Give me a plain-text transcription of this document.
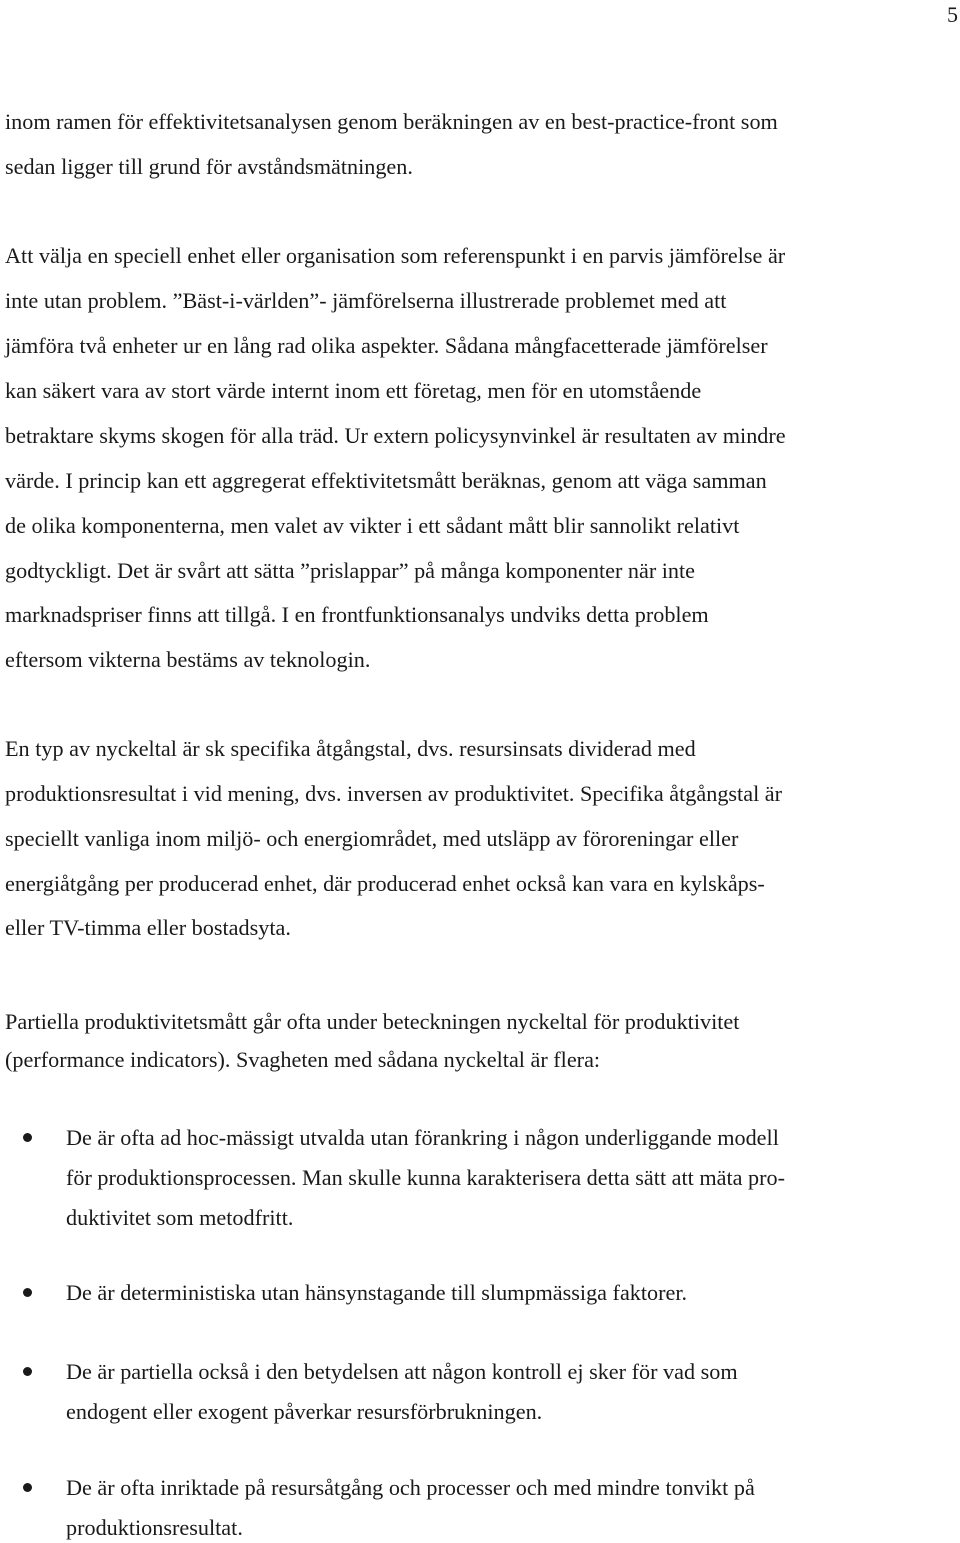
5
inom ramen för effektivitetsanalysen genom beräkningen av en best-practice-front som
sedan ligger till grund för avståndsmätningen.
Att välja en speciell enhet eller organisation som referenspunkt i en parvis jämförelse är
inte utan problem. ”Bäst-i-världen”- jämförelserna illustrerade problemet med att
jämföra två enheter ur en lång rad olika aspekter. Sådana mångfacetterade jämförelser
kan säkert vara av stort värde internt inom ett företag, men för en utomstående
betraktare skyms skogen för alla träd. Ur extern policysynvinkel är resultaten av mindre
värde. I princip kan ett aggregerat effektivitetsmått beräknas, genom att väga samman
de olika komponenterna, men valet av vikter i ett sådant mått blir sannolikt relativt
godtyckligt. Det är svårt att sätta ”prislappar” på många komponenter när inte
marknadspriser finns att tillgå. I en frontfunktionsanalys undviks detta problem
eftersom vikterna bestäms av teknologin.
En typ av nyckeltal är sk specifika åtgångstal, dvs. resursinsats dividerad med
produktionsresultat i vid mening, dvs. inversen av produktivitet. Specifika åtgångstal är
speciellt vanliga inom miljö- och energiområdet, med utsläpp av föroreningar eller
energiåtgång per producerad enhet, där producerad enhet också kan vara en kylskåps-
eller TV-timma eller bostadsyta.
Partiella produktivitetsmått går ofta under beteckningen nyckeltal för produktivitet
(performance indicators). Svagheten med sådana nyckeltal är flera:
De är ofta ad hoc-mässigt utvalda utan förankring i någon underliggande modell
för produktionsprocessen. Man skulle kunna karakterisera detta sätt att mäta pro-
duktivitet som metodfritt.
De är deterministiska utan hänsynstagande till slumpmässiga faktorer.
De är partiella också i den betydelsen att någon kontroll ej sker för vad som
endogent eller exogent påverkar resursförbrukningen.
De är ofta inriktade på resursåtgång och processer och med mindre tonvikt på
produktionsresultat.
